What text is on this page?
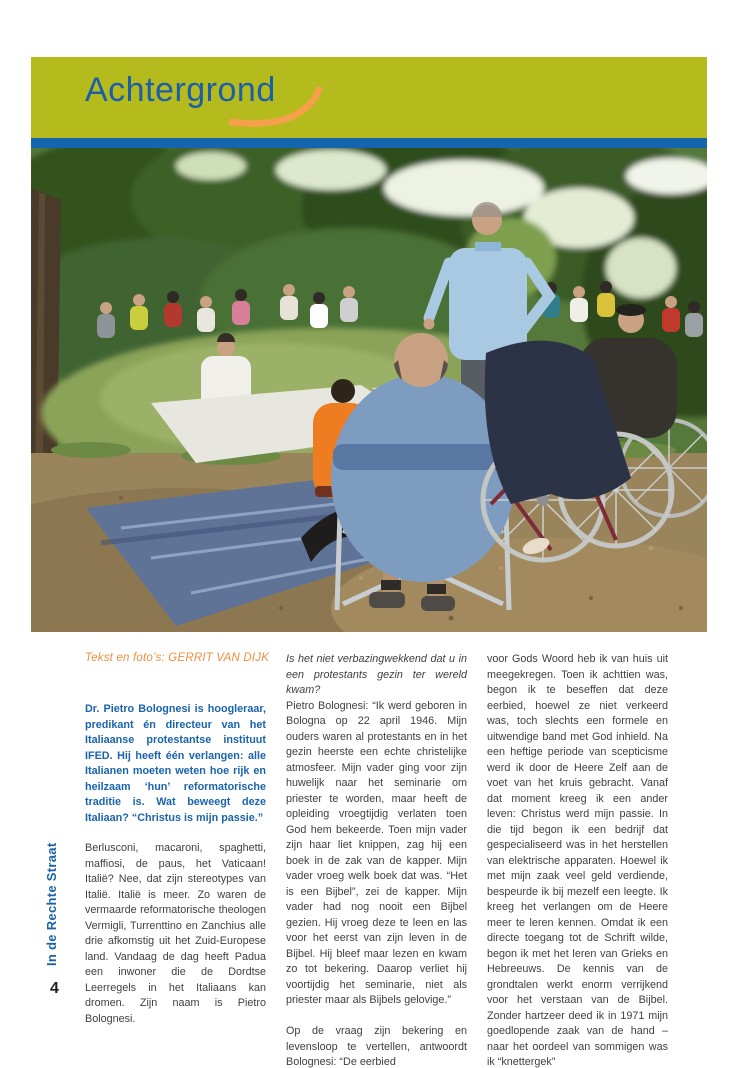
Achtergrond

Tekst en foto’s: GERRIT VAN DIJK

Dr. Pietro Bolognesi is hoogleraar, predikant én directeur van het Italiaanse protestantse instituut IFED. Hij heeft één verlangen: alle Italianen moeten weten hoe rijk en heilzaam ‘hun’ reformatorische traditie is. Wat beweegt deze Italiaan? “Christus is mijn passie.”

Berlusconi, macaroni, spaghetti, maffiosi, de paus, het Vaticaan! Italië? Nee, dat zijn stereotypes van Italië. Italië is meer. Zo waren de vermaarde reformatorische theologen Vermigli, Turrenttino en Zanchius alle drie afkomstig uit het Zuid-Europese land. Vandaag de dag heeft Padua een inwoner die de Dordtse Leerregels in het Italiaans kan dromen. Zijn naam is Pietro Bolognesi.

Is het niet verbazingwekkend dat u in een protestants gezin ter wereld kwam?

Pietro Bolognesi: “Ik werd geboren in Bologna op 22 april 1946. Mijn ouders waren al protestants en in het gezin heerste een echte christelijke atmosfeer. Mijn vader ging voor zijn huwelijk naar het seminarie om priester te worden, maar heeft de opleiding vroegtijdig verlaten toen God hem bekeerde. Toen mijn vader zijn haar liet knippen, zag hij een boek in de zak van de kapper. Mijn vader vroeg welk boek dat was. “Het is een Bijbel”, zei de kapper. Mijn vader had nog nooit een Bijbel gezien. Hij vroeg deze te leen en las voor het eerst van zijn leven in de Bijbel. Hij bleef maar lezen en kwam zo tot bekering. Daarop verliet hij voortijdig het seminarie, niet als priester maar als Bijbels gelovige.”

Op de vraag zijn bekering en levensloop te vertellen, antwoordt Bolognesi: “De eerbied

voor Gods Woord heb ik van huis uit meegekregen. Toen ik achttien was, begon ik te beseffen dat deze eerbied, hoewel ze niet verkeerd was, toch slechts een formele en uitwendige band met God inhield. Na een heftige periode van scepticisme werd ik door de Heere Zelf aan de voet van het kruis gebracht. Vanaf dat moment kreeg ik een ander leven: Christus werd mijn passie. In die tijd begon ik een bedrijf dat gespecialiseerd was in het herstellen van elektrische apparaten. Hoewel ik met mijn zaak veel geld verdiende, bespeurde ik bij mezelf een leegte. Ik kreeg het verlangen om de Heere meer te leren kennen. Omdat ik een directe toegang tot de Schrift wilde, begon ik met het leren van Grieks en Hebreeuws. De kennis van de grondtalen werkt enorm verrijkend voor het verstaan van de Bijbel. Zonder hartzeer deed ik in 1971 mijn goedlopende zaak van de hand –naar het oordeel van sommigen was ik “knettergek”

In de Rechte Straat
4
